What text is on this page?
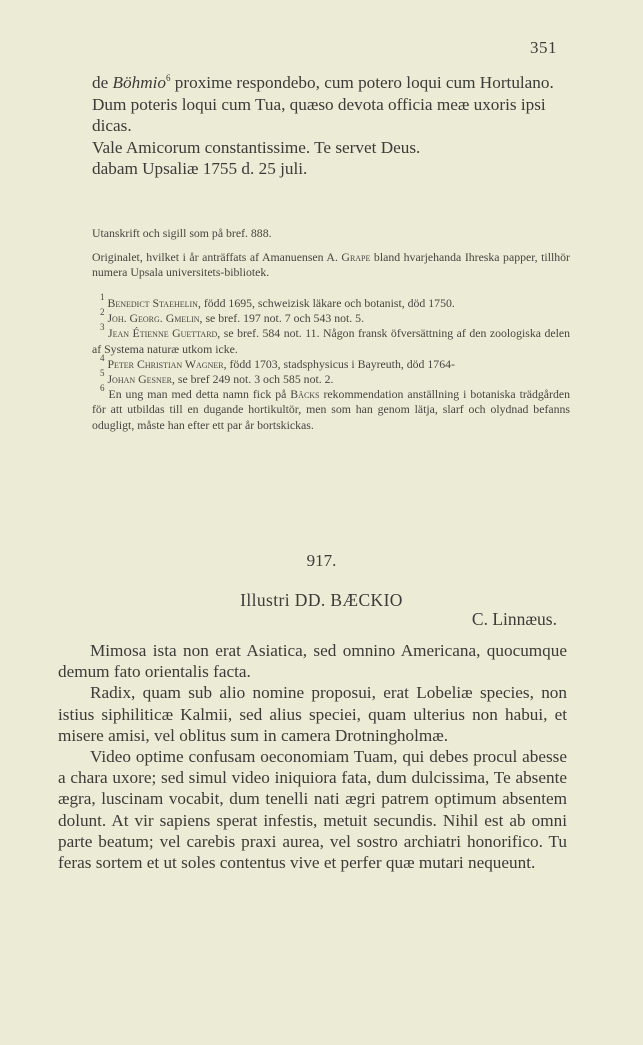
351

de Böhmio$^6$ proxime respondebo, cum potero loqui cum Hortulano.

Dum poteris loqui cum Tua, quæso devota officia meæ uxoris ipsi dicas.

Vale Amicorum constantissime. Te servet Deus.

dabam Upsaliæ 1755 d. 25 juli.

Utanskrift och sigill som på bref. 888.

Originalet, hvilket i år anträffats af Amanuensen A. Grape bland hvarjehanda Ihreska papper, tillhör numera Upsala universitets-bibliotek.

$^1$ Benedict Staehelin, född 1695, schweizisk läkare och botanist, död 1750.

$^2$ Joh. Georg. Gmelin, se bref. 197 not. 7 och 543 not. 5.

$^3$ Jean Étienne Guettard, se bref. 584 not. 11. Någon fransk öfversättning af den zoologiska delen af Systema naturæ utkom icke.

$^4$ Peter Christian Wagner, född 1703, stadsphysicus i Bayreuth, död 1764-

$^5$ Johan Gesner, se bref 249 not. 3 och 585 not. 2.

$^6$ En ung man med detta namn fick på Bäcks rekommendation anställning i botaniska trädgården för att utbildas till en dugande hortikultör, men som han genom lätja, slarf och olydnad befanns odugligt, måste han efter ett par år bortskickas.

917.
Illustri DD. BÆCKIO
C. Linnæus.

Mimosa ista non erat Asiatica, sed omnino Americana, quocumque demum fato orientalis facta.

Radix, quam sub alio nomine proposui, erat Lobeliæ species, non istius siphiliticæ Kalmii, sed alius speciei, quam ulterius non habui, et misere amisi, vel oblitus sum in camera Drotningholmæ.

Video optime confusam oeconomiam Tuam, qui debes procul abesse a chara uxore; sed simul video iniquiora fata, dum dulcissima, Te absente ægra, luscinam vocabit, dum tenelli nati ægri patrem optimum absentem dolunt. At vir sapiens sperat infestis, metuit secundis. Nihil est ab omni parte beatum; vel carebis praxi aurea, vel sostro archiatri honorifico. Tu feras sortem et ut soles contentus vive et perfer quæ mutari nequeunt.
